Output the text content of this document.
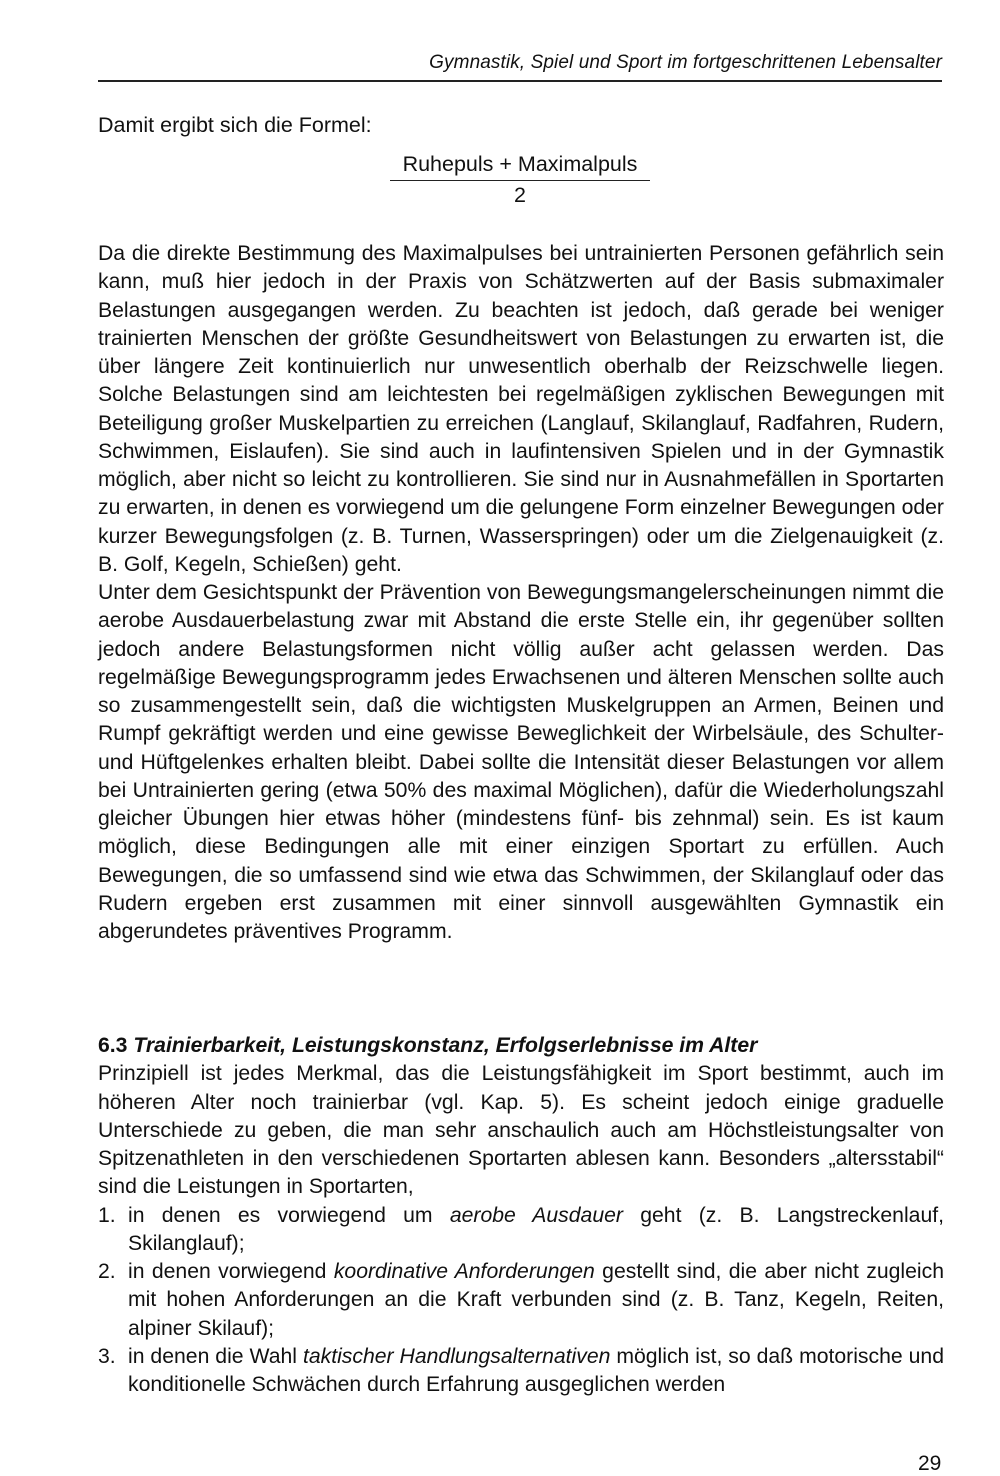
Gymnastik, Spiel und Sport im fortgeschrittenen Lebensalter
Damit ergibt sich die Formel:
Ruhepuls + Maximalpuls
2

Da die direkte Bestimmung des Maximalpulses bei untrainierten Personen gefährlich sein kann, muß hier jedoch in der Praxis von Schätzwerten auf der Basis submaximaler Belastungen ausgegangen werden. Zu beachten ist jedoch, daß gerade bei weniger trainierten Menschen der größte Gesundheitswert von Belastungen zu erwarten ist, die über längere Zeit kontinuierlich nur unwesentlich oberhalb der Reizschwelle liegen. Solche Belastungen sind am leichtesten bei regelmäßigen zyklischen Bewegungen mit Beteiligung großer Muskelpartien zu erreichen (Langlauf, Skilanglauf, Radfahren, Rudern, Schwimmen, Eislaufen). Sie sind auch in laufintensiven Spielen und in der Gymnastik möglich, aber nicht so leicht zu kontrollieren. Sie sind nur in Ausnahmefällen in Sportarten zu erwarten, in denen es vorwiegend um die gelungene Form einzelner Bewegungen oder kurzer Bewegungsfolgen (z. B. Turnen, Wasserspringen) oder um die Zielgenauigkeit (z. B. Golf, Kegeln, Schießen) geht.

Unter dem Gesichtspunkt der Prävention von Bewegungsmangelerscheinungen nimmt die aerobe Ausdauerbelastung zwar mit Abstand die erste Stelle ein, ihr gegenüber sollten jedoch andere Belastungsformen nicht völlig außer acht gelassen werden. Das regelmäßige Bewegungsprogramm jedes Erwachsenen und älteren Menschen sollte auch so zusammengestellt sein, daß die wichtigsten Muskelgruppen an Armen, Beinen und Rumpf gekräftigt werden und eine gewisse Beweglichkeit der Wirbelsäule, des Schulter- und Hüftgelenkes erhalten bleibt. Dabei sollte die Intensität dieser Belastungen vor allem bei Untrainierten gering (etwa 50% des maximal Möglichen), dafür die Wiederholungszahl gleicher Übungen hier etwas höher (mindestens fünf- bis zehnmal) sein. Es ist kaum möglich, diese Bedingungen alle mit einer einzigen Sportart zu erfüllen. Auch Bewegungen, die so umfassend sind wie etwa das Schwimmen, der Skilanglauf oder das Rudern ergeben erst zusammen mit einer sinnvoll ausgewählten Gymnastik ein abgerundetes präventives Programm.

6.3 Trainierbarkeit, Leistungskonstanz, Erfolgserlebnisse im Alter

Prinzipiell ist jedes Merkmal, das die Leistungsfähigkeit im Sport bestimmt, auch im höheren Alter noch trainierbar (vgl. Kap. 5). Es scheint jedoch einige graduelle Unterschiede zu geben, die man sehr anschaulich auch am Höchstleistungsalter von Spitzenathleten in den verschiedenen Sportarten ablesen kann. Besonders „altersstabil“ sind die Leistungen in Sportarten,

1. in denen es vorwiegend um aerobe Ausdauer geht (z. B. Langstreckenlauf, Skilanglauf);
2. in denen vorwiegend koordinative Anforderungen gestellt sind, die aber nicht zugleich mit hohen Anforderungen an die Kraft verbunden sind (z. B. Tanz, Kegeln, Reiten, alpiner Skilauf);
3. in denen die Wahl taktischer Handlungsalternativen möglich ist, so daß motorische und konditionelle Schwächen durch Erfahrung ausgeglichen werden
29
